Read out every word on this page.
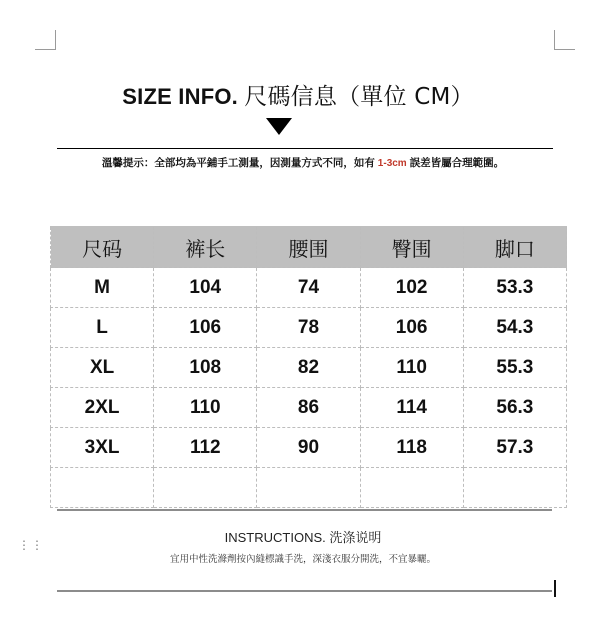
SIZE INFO. 尺碼信息（單位 CM）
溫馨提示：全部均為平鋪手工測量，因測量方式不同，如有 1-3cm 誤差皆屬合理範圍。
尺码	裤长	腰围	臀围	脚口
M	104	74	102	53.3
L	106	78	106	54.3
XL	108	82	110	55.3
2XL	110	86	114	56.3
3XL	112	90	118	57.3

⋮⋮	INSTRUCTIONS. 洗涤说明
宜用中性洗滌劑按內縫標識手洗，深淺衣服分開洗，不宜暴曬。
